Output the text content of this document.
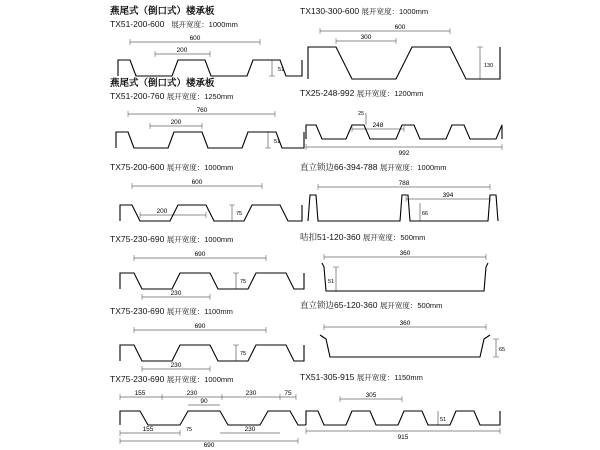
燕尾式（倒口式）楼承板
TX51-200-600 展开宽度：1000mm
600
200
51
燕尾式（倒口式）楼承板
TX51-200-760 展开宽度：1250mm
760
200
51
TX75-200-600 展开宽度：1000mm
600
200	75
TX75-230-690 展开宽度：1000mm
690
75
230
TX75-230-690 展开宽度：1100mm
690
75
230
TX75-230-690 展开宽度：1000mm
155	230	230	75
90
155	75	230
690
TX130-300-600 展开宽度：1000mm
600
300
130
TX25-248-992 展开宽度：1200mm
25
248
992
直立锁边66-394-788 展开宽度：1000mm
788
394
66
咭扣51-120-360 展开宽度：500mm
360
51
直立锁边65-120-360 展开宽度：500mm
360
65
TX51-305-915 展开宽度：1150mm
305
51
915
